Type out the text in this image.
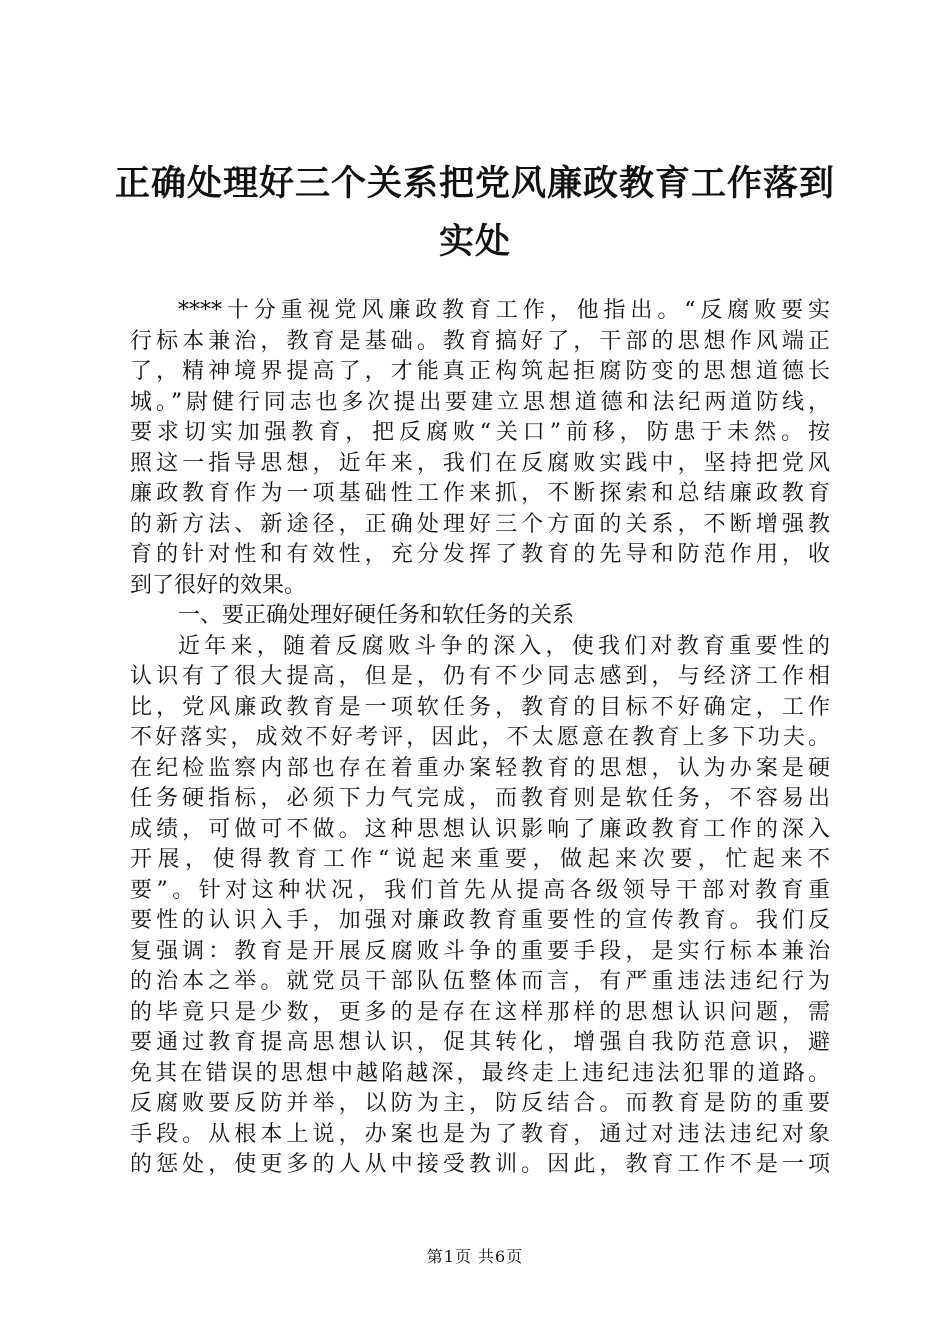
正确处理好三个关系把党风廉政教育工作落到
实处
****十分重视党风廉政教育工作，他指出。“反腐败要实
行标本兼治，教育是基础。教育搞好了，干部的思想作风端正
了，精神境界提高了，才能真正构筑起拒腐防变的思想道德长
城。”尉健行同志也多次提出要建立思想道德和法纪两道防线，
要求切实加强教育，把反腐败“关口”前移，防患于未然。按
照这一指导思想，近年来，我们在反腐败实践中，坚持把党风
廉政教育作为一项基础性工作来抓，不断探索和总结廉政教育
的新方法、新途径，正确处理好三个方面的关系，不断增强教
育的针对性和有效性，充分发挥了教育的先导和防范作用，收
到了很好的效果。
一、要正确处理好硬任务和软任务的关系
近年来，随着反腐败斗争的深入，使我们对教育重要性的
认识有了很大提高，但是，仍有不少同志感到，与经济工作相
比，党风廉政教育是一项软任务，教育的目标不好确定，工作
不好落实，成效不好考评，因此，不太愿意在教育上多下功夫。
在纪检监察内部也存在着重办案轻教育的思想，认为办案是硬
任务硬指标，必须下力气完成，而教育则是软任务，不容易出
成绩，可做可不做。这种思想认识影响了廉政教育工作的深入
开展，使得教育工作“说起来重要，做起来次要，忙起来不
要”。针对这种状况，我们首先从提高各级领导干部对教育重
要性的认识入手，加强对廉政教育重要性的宣传教育。我们反
复强调：教育是开展反腐败斗争的重要手段，是实行标本兼治
的治本之举。就党员干部队伍整体而言，有严重违法违纪行为
的毕竟只是少数，更多的是存在这样那样的思想认识问题，需
要通过教育提高思想认识，促其转化，增强自我防范意识，避
免其在错误的思想中越陷越深，最终走上违纪违法犯罪的道路。
反腐败要反防并举，以防为主，防反结合。而教育是防的重要
手段。从根本上说，办案也是为了教育，通过对违法违纪对象
的惩处，使更多的人从中接受教训。因此，教育工作不是一项
第1页 共6页
